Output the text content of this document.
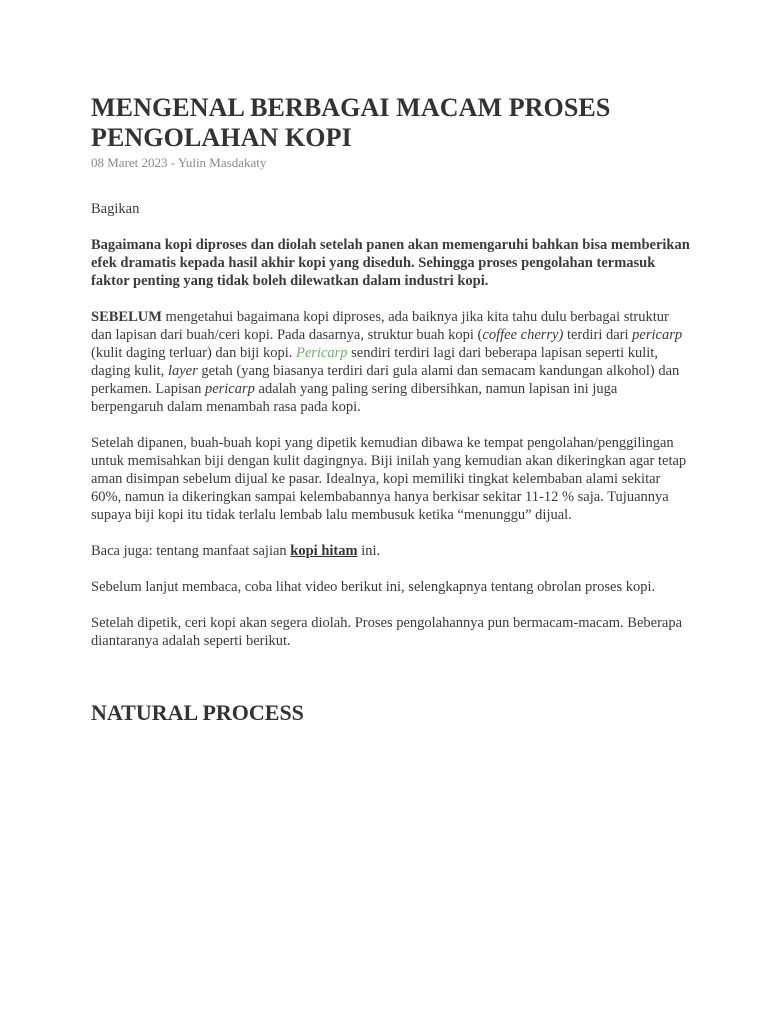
MENGENAL BERBAGAI MACAM PROSES PENGOLAHAN KOPI
08 Maret 2023 - Yulin Masdakaty
Bagikan

Bagaimana kopi diproses dan diolah setelah panen akan memengaruhi bahkan bisa memberikan efek dramatis kepada hasil akhir kopi yang diseduh. Sehingga proses pengolahan termasuk faktor penting yang tidak boleh dilewatkan dalam industri kopi.

SEBELUM mengetahui bagaimana kopi diproses, ada baiknya jika kita tahu dulu berbagai struktur dan lapisan dari buah/ceri kopi. Pada dasarnya, struktur buah kopi (coffee cherry) terdiri dari pericarp (kulit daging terluar) dan biji kopi. Pericarp sendiri terdiri lagi dari beberapa lapisan seperti kulit, daging kulit, layer getah (yang biasanya terdiri dari gula alami dan semacam kandungan alkohol) dan perkamen. Lapisan pericarp adalah yang paling sering dibersihkan, namun lapisan ini juga berpengaruh dalam menambah rasa pada kopi.

Setelah dipanen, buah-buah kopi yang dipetik kemudian dibawa ke tempat pengolahan/penggilingan untuk memisahkan biji dengan kulit dagingnya. Biji inilah yang kemudian akan dikeringkan agar tetap aman disimpan sebelum dijual ke pasar. Idealnya, kopi memiliki tingkat kelembaban alami sekitar 60%, namun ia dikeringkan sampai kelembabannya hanya berkisar sekitar 11-12 % saja. Tujuannya supaya biji kopi itu tidak terlalu lembab lalu membusuk ketika “menunggu” dijual.

Baca juga: tentang manfaat sajian kopi hitam ini.

Sebelum lanjut membaca, coba lihat video berikut ini, selengkapnya tentang obrolan proses kopi.

Setelah dipetik, ceri kopi akan segera diolah. Proses pengolahannya pun bermacam-macam. Beberapa diantaranya adalah seperti berikut.

NATURAL PROCESS
